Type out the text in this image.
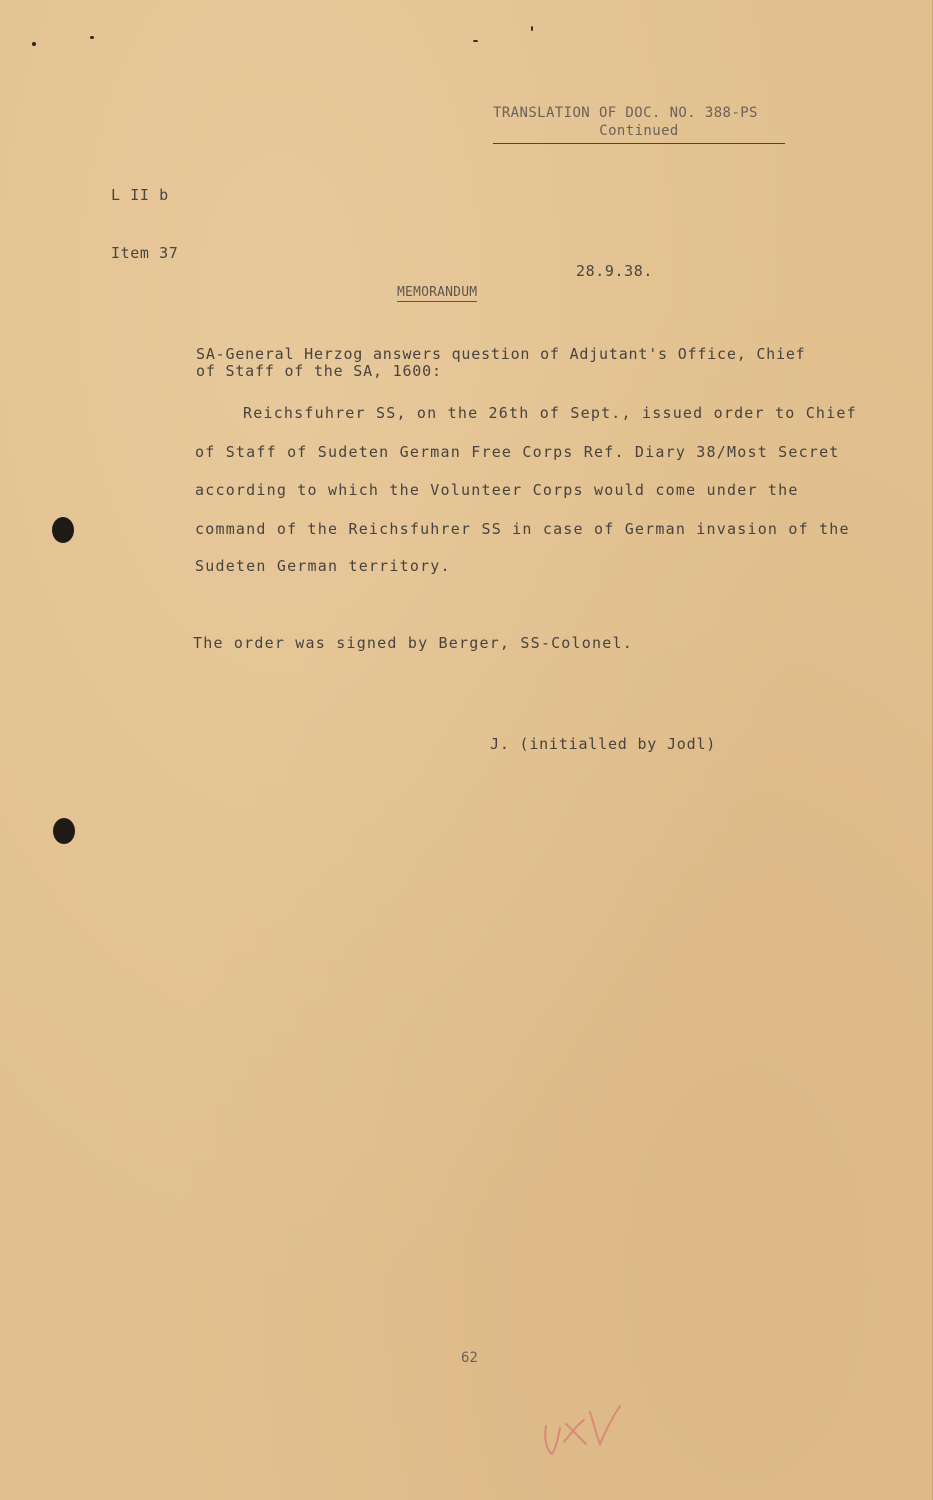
TRANSLATION OF DOC. NO. 388-PS
Continued
L II b
Item 37
28.9.38.
MEMORANDUM
SA-General Herzog answers question of Adjutant's Office, Chief
of Staff of the SA, 1600:
Reichsfuhrer SS, on the 26th of Sept., issued order to Chief
of Staff of Sudeten German Free Corps Ref. Diary 38/Most Secret
according to which the Volunteer Corps would come under the
command of the Reichsfuhrer SS in case of German invasion of the
Sudeten German territory.
The order was signed by Berger, SS-Colonel.
J. (initialled by Jodl)
62
